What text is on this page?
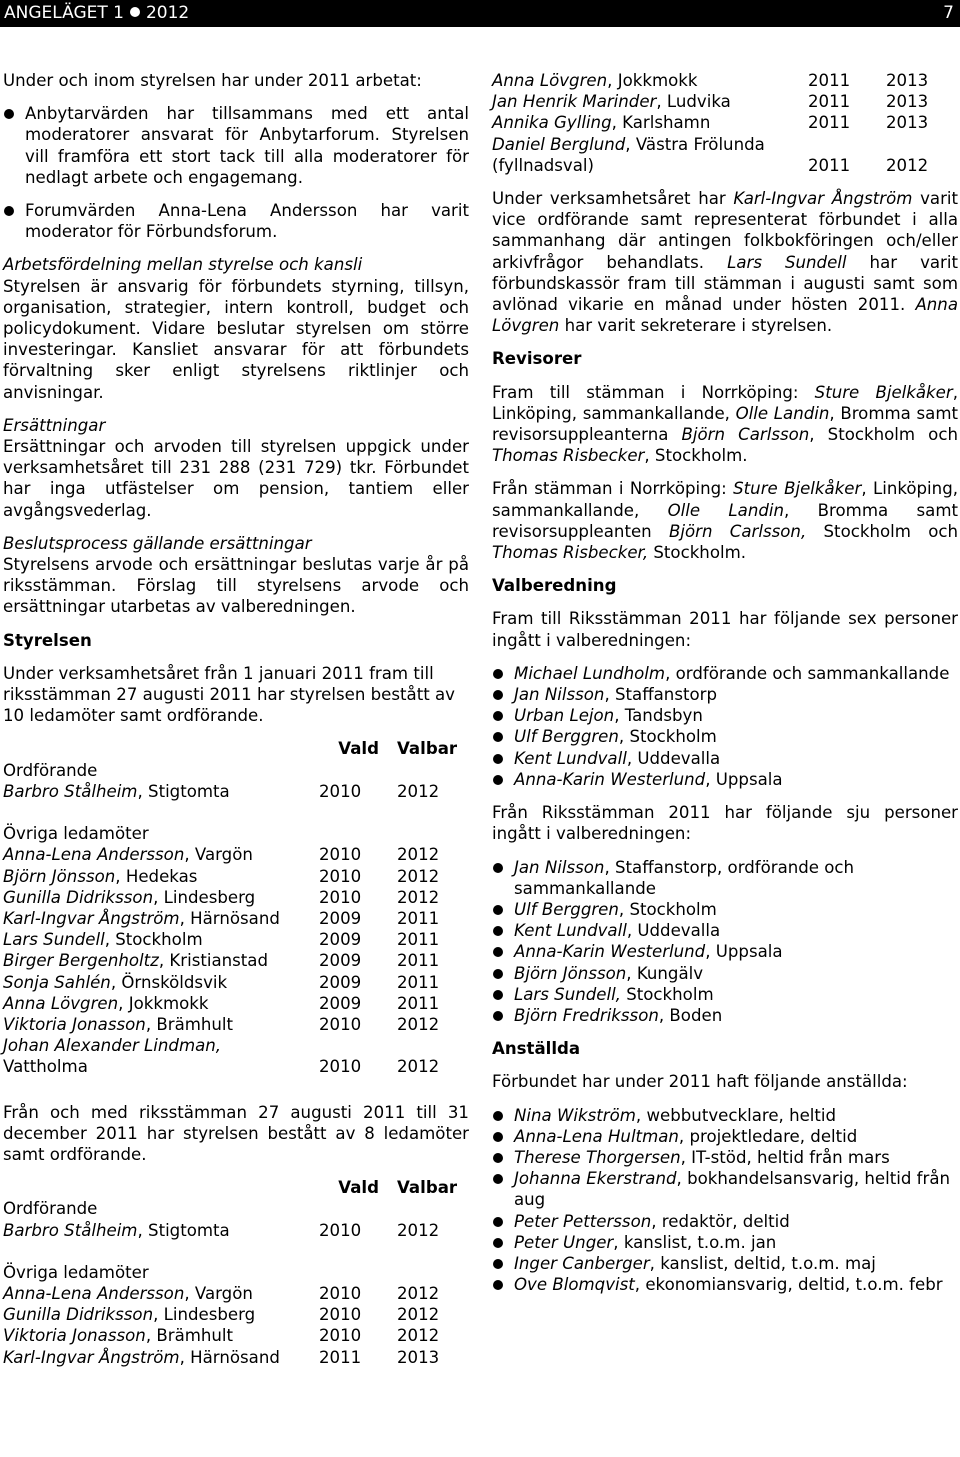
ANGELÄGET 1 2012	7

Under och inom styrelsen har under 2011 arbetat:

Anbytarvärden har tillsammans med ett antal moderatorer ansvarat för Anbytarforum. Styrelsen vill framföra ett stort tack till alla moderatorer för nedlagt arbete och engagemang.
Forumvärden Anna-Lena Andersson har varit moderator för Förbundsforum.

Arbetsfördelning mellan styrelse och kansli

Styrelsen är ansvarig för förbundets styrning, tillsyn, organisation, strategier, intern kontroll, budget och policydokument. Vidare beslutar styrelsen om större investeringar. Kansliet ansvarar för att förbundets förvaltning sker enligt styrelsens riktlinjer och anvisningar.

Ersättningar

Ersättningar och arvoden till styrelsen uppgick under verksamhetsåret till 231 288 (231 729) tkr. Förbundet har inga utfästelser om pension, tantiem eller avgångsvederlag.

Beslutsprocess gällande ersättningar

Styrelsens arvode och ersättningar beslutas varje år på riksstämman. Förslag till styrelsens arvode och ersättningar utarbetas av valberedningen.

Styrelsen

Under verksamhetsåret från 1 januari 2011 fram till riksstämman 27 augusti 2011 har styrelsen bestått av 10 ledamöter samt ordförande.

Vald	Valbar
Ordförande
Barbro Stålheim, Stigtomta	2010	2012
Övriga ledamöter
Anna-Lena Andersson, Vargön	2010	2012
Björn Jönsson, Hedekas	2010	2012
Gunilla Didriksson, Lindesberg	2010	2012
Karl-Ingvar Ångström, Härnösand	2009	2011
Lars Sundell, Stockholm	2009	2011
Birger Bergenholtz, Kristianstad	2009	2011
Sonja Sahlén, Örnsköldsvik	2009	2011
Anna Lövgren, Jokkmokk	2009	2011
Viktoria Jonasson, Brämhult	2010	2012
Johan Alexander Lindman,
Vattholma	2010	2012

Från och med riksstämman 27 augusti 2011 till 31 december 2011 har styrelsen bestått av 8 ledamöter samt ordförande.

Vald	Valbar
Ordförande
Barbro Stålheim, Stigtomta	2010	2012
Övriga ledamöter
Anna-Lena Andersson, Vargön	2010	2012
Gunilla Didriksson, Lindesberg	2010	2012
Viktoria Jonasson, Brämhult	2010	2012
Karl-Ingvar Ångström, Härnösand	2011	2013
Anna Lövgren, Jokkmokk	2011	2013
Jan Henrik Marinder, Ludvika	2011	2013
Annika Gylling, Karlshamn	2011	2013
Daniel Berglund, Västra Frölunda
(fyllnadsval)	2011	2012

Under verksamhetsåret har Karl-Ingvar Ångström varit vice ordförande samt representerat förbundet i alla sammanhang där antingen folkbokföringen och/eller arkivfrågor behandlats. Lars Sundell har varit förbundskassör fram till stämman i augusti samt som avlönad vikarie en månad under hösten 2011. Anna Lövgren har varit sekreterare i styrelsen.

Revisorer

Fram till stämman i Norrköping: Sture Bjelkåker, Linköping, sammankallande, Olle Landin, Bromma samt revisorsuppleanterna Björn Carlsson, Stockholm och Thomas Risbecker, Stockholm.

Från stämman i Norrköping: Sture Bjelkåker, Linköping, sammankallande, Olle Landin, Bromma samt revisorsuppleanten Björn Carlsson, Stockholm och Thomas Risbecker, Stockholm.

Valberedning

Fram till Riksstämman 2011 har följande sex personer ingått i valberedningen:

Michael Lundholm, ordförande och sammankallande
Jan Nilsson, Staffanstorp
Urban Lejon, Tandsbyn
Ulf Berggren, Stockholm
Kent Lundvall, Uddevalla
Anna-Karin Westerlund, Uppsala

Från Riksstämman 2011 har följande sju personer ingått i valberedningen:

Jan Nilsson, Staffanstorp, ordförande och sammankallande
Ulf Berggren, Stockholm
Kent Lundvall, Uddevalla
Anna-Karin Westerlund, Uppsala
Björn Jönsson, Kungälv
Lars Sundell, Stockholm
Björn Fredriksson, Boden

Anställda

Förbundet har under 2011 haft följande anställda:

Nina Wikström, webbutvecklare, heltid
Anna-Lena Hultman, projektledare, deltid
Therese Thorgersen, IT-stöd, heltid från mars
Johanna Ekerstrand, bokhandelsansvarig, heltid från aug
Peter Pettersson, redaktör, deltid
Peter Unger, kanslist, t.o.m. jan
Inger Canberger, kanslist, deltid, t.o.m. maj
Ove Blomqvist, ekonomiansvarig, deltid, t.o.m. febr
